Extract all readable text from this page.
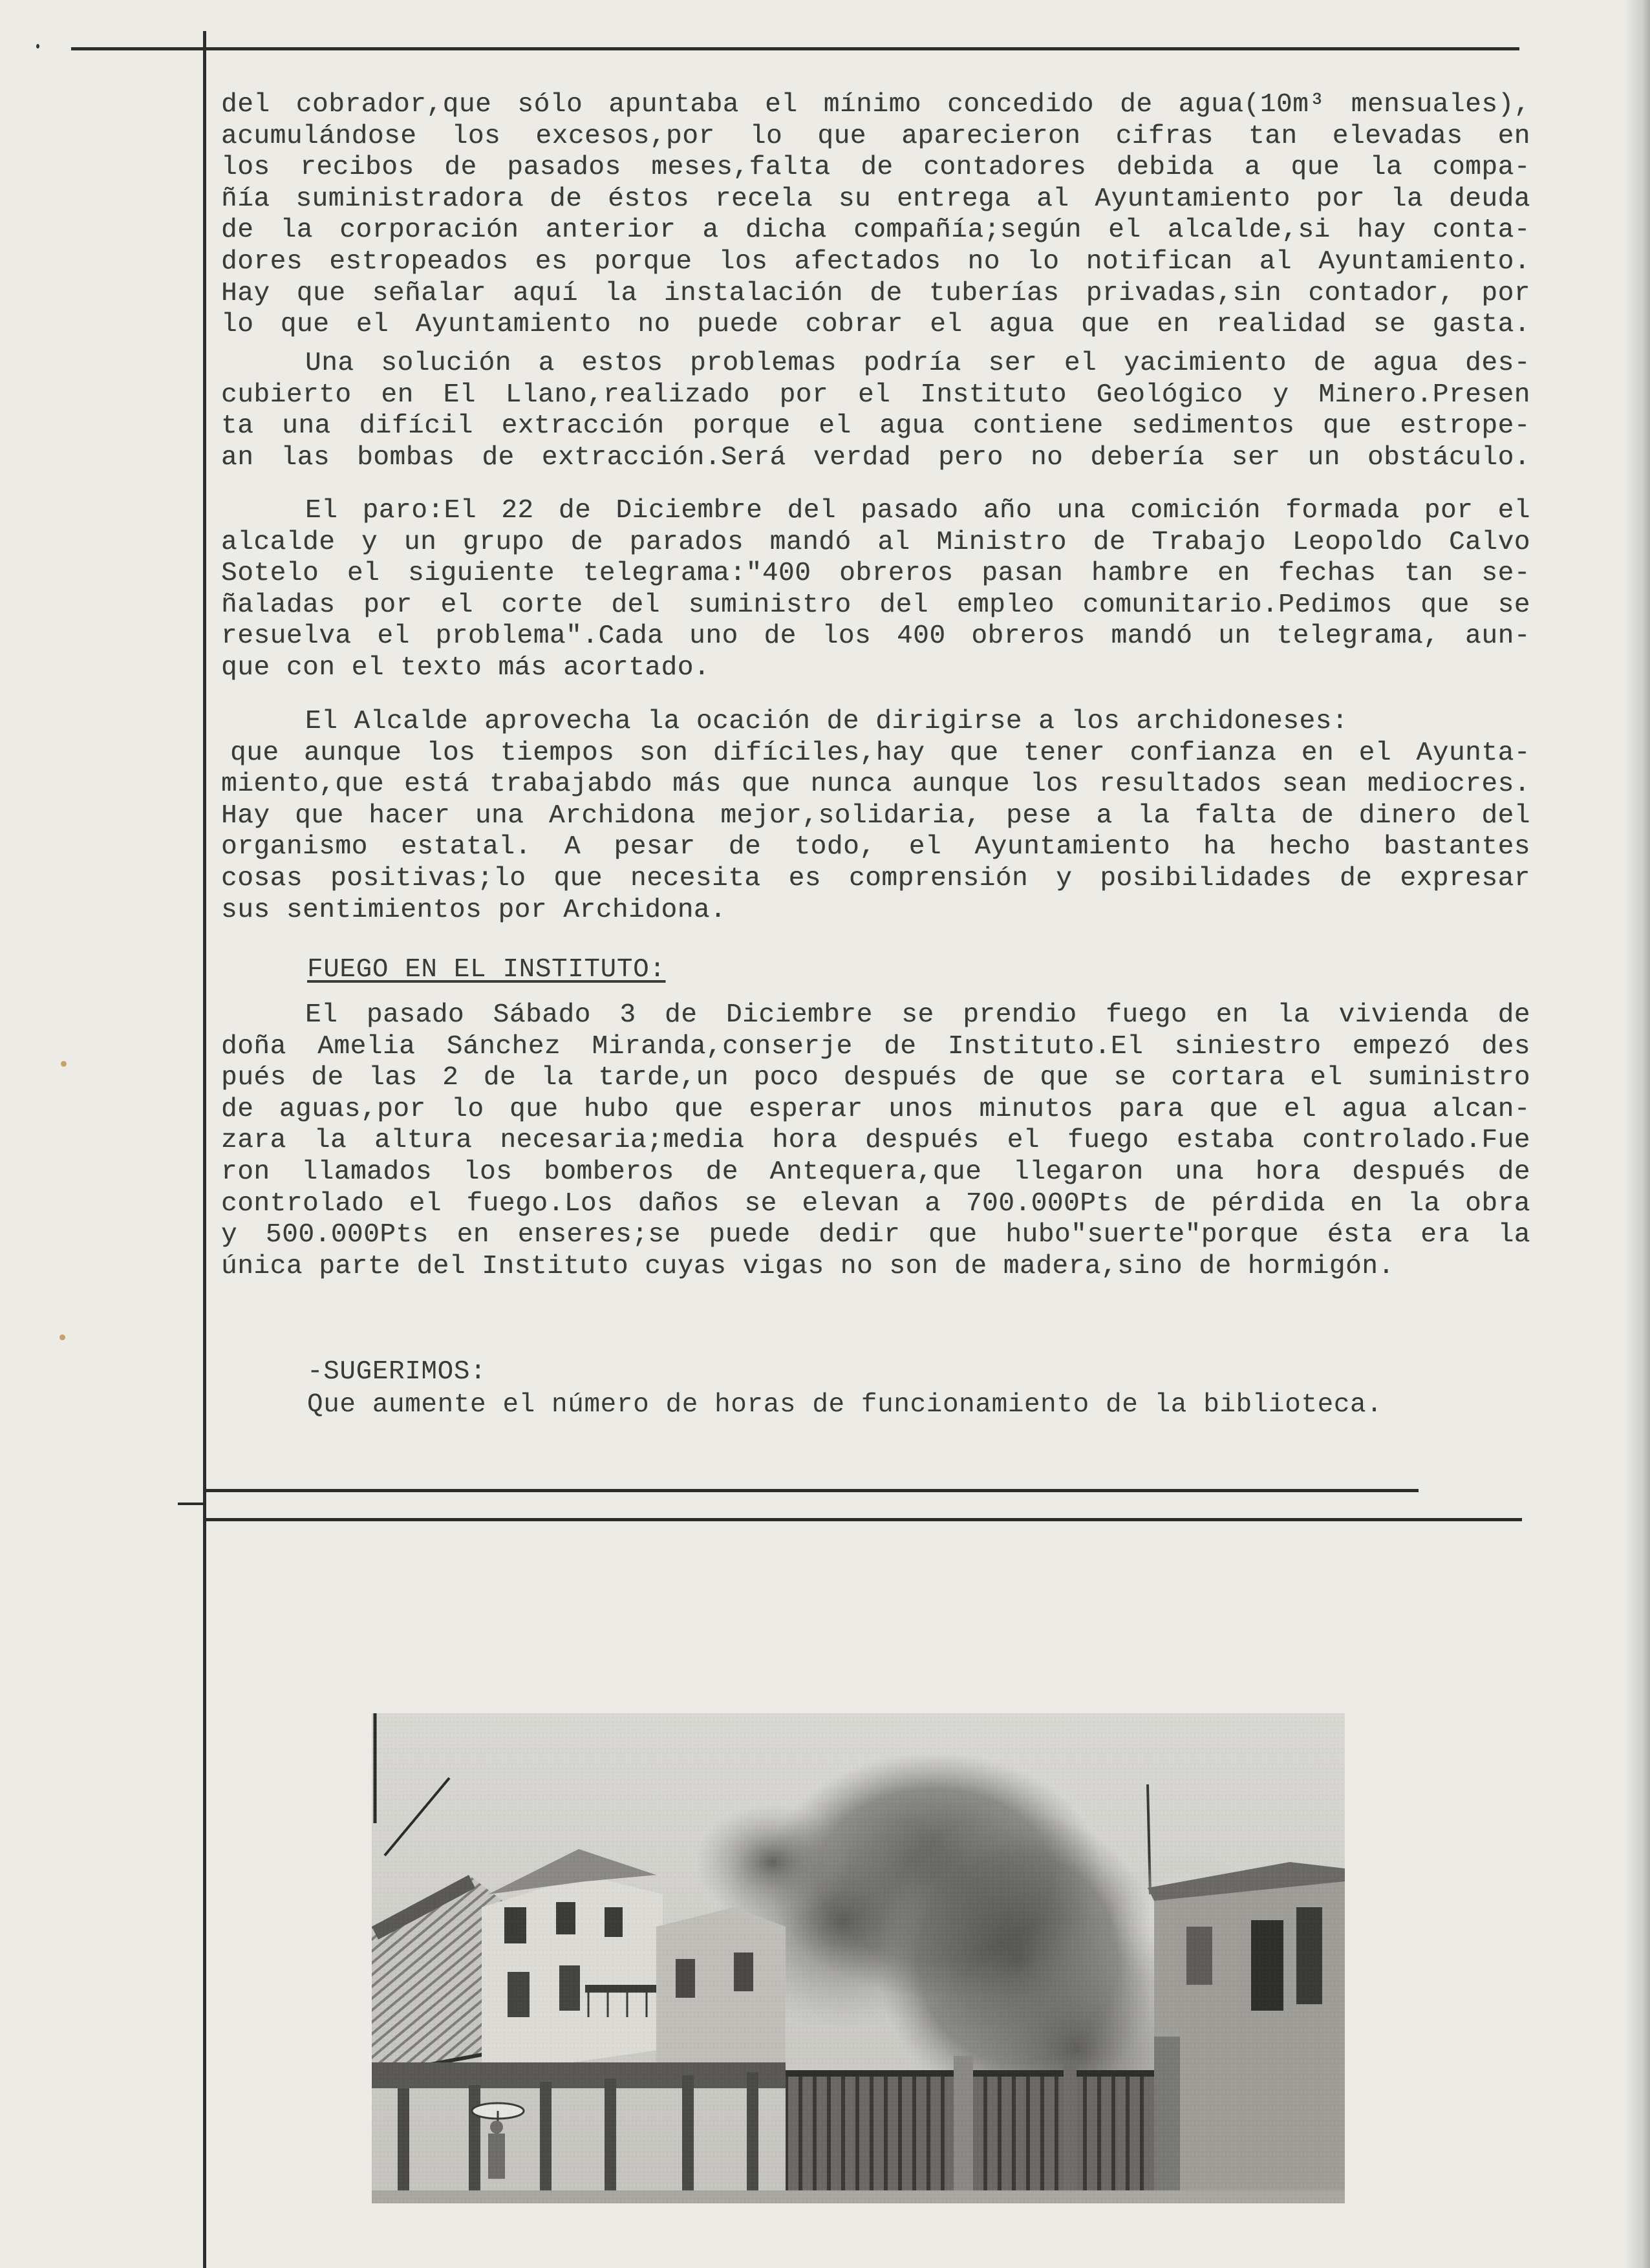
del cobrador,que sólo apuntaba el mínimo concedido de agua(10m³ mensuales),
acumulándose los excesos,por lo que aparecieron cifras tan elevadas en
los recibos de pasados meses,falta de contadores debida a que la compa-
ñía suministradora de éstos recela su entrega al Ayuntamiento por la deuda
de la corporación anterior a dicha compañía;según el alcalde,si hay conta-
dores estropeados es porque los afectados no lo notifican al Ayuntamiento.
Hay que señalar aquí la instalación de tuberías privadas,sin contador, por
lo que el Ayuntamiento no puede cobrar el agua que en realidad se gasta.
Una solución a estos problemas podría ser el yacimiento de agua des-
cubierto en El Llano,realizado por el Instituto Geológico y Minero.Presen
ta una difícil extracción porque el agua contiene sedimentos que estrope-
an las bombas de extracción.Será verdad pero no debería ser un obstáculo.
El paro:El 22 de Diciembre del pasado año una comición formada por el
alcalde y un grupo de parados mandó al Ministro de Trabajo Leopoldo Calvo
Sotelo el siguiente telegrama:"400 obreros pasan hambre en fechas tan se-
ñaladas por el corte del suministro del empleo comunitario.Pedimos que se
resuelva el problema".Cada uno de los 400 obreros mandó un telegrama, aun-
que con el texto más acortado.
El Alcalde aprovecha la ocación de dirigirse a los archidoneses:
que aunque los tiempos son difíciles,hay que tener confianza en el Ayunta-
miento,que está trabajabdo más que nunca aunque los resultados sean mediocres.
Hay que hacer una Archidona mejor,solidaria, pese a la falta de dinero del
organismo estatal. A pesar de todo, el Ayuntamiento ha hecho bastantes
cosas positivas;lo que necesita es comprensión y posibilidades de expresar
sus sentimientos por Archidona.
FUEGO EN EL INSTITUTO:
El pasado Sábado 3 de Diciembre se prendio fuego en la vivienda de
doña Amelia Sánchez Miranda,conserje de Instituto.El siniestro empezó des
pués de las 2 de la tarde,un poco después de que se cortara el suministro
de aguas,por lo que hubo que esperar unos minutos para que el agua alcan-
zara la altura necesaria;media hora después el fuego estaba controlado.Fue
ron llamados los bomberos de Antequera,que llegaron una hora después de
controlado el fuego.Los daños se elevan a 700.000Pts de pérdida en la obra
y 500.000Pts en enseres;se puede dedir que hubo"suerte"porque ésta era la
única parte del Instituto cuyas vigas no son de madera,sino de hormigón.
-SUGERIMOS:
Que aumente el número de horas de funcionamiento de la biblioteca.
